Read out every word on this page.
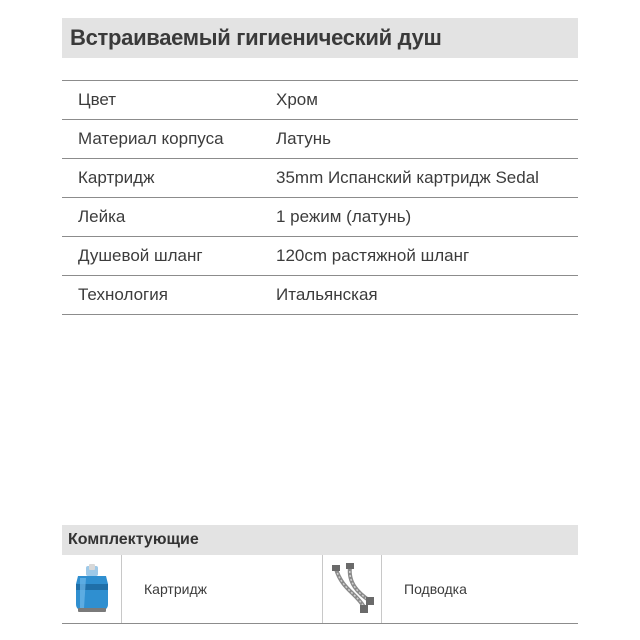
Встраиваемый гигиенический душ
Цвет	Хром
Материал корпуса	Латунь
Картридж	35mm Испанский картридж Sedal
Лейка	1 режим (латунь)
Душевой шланг	120cm растяжной шланг
Технология	Итальянская
Комплектующие
Картридж	Подводка
